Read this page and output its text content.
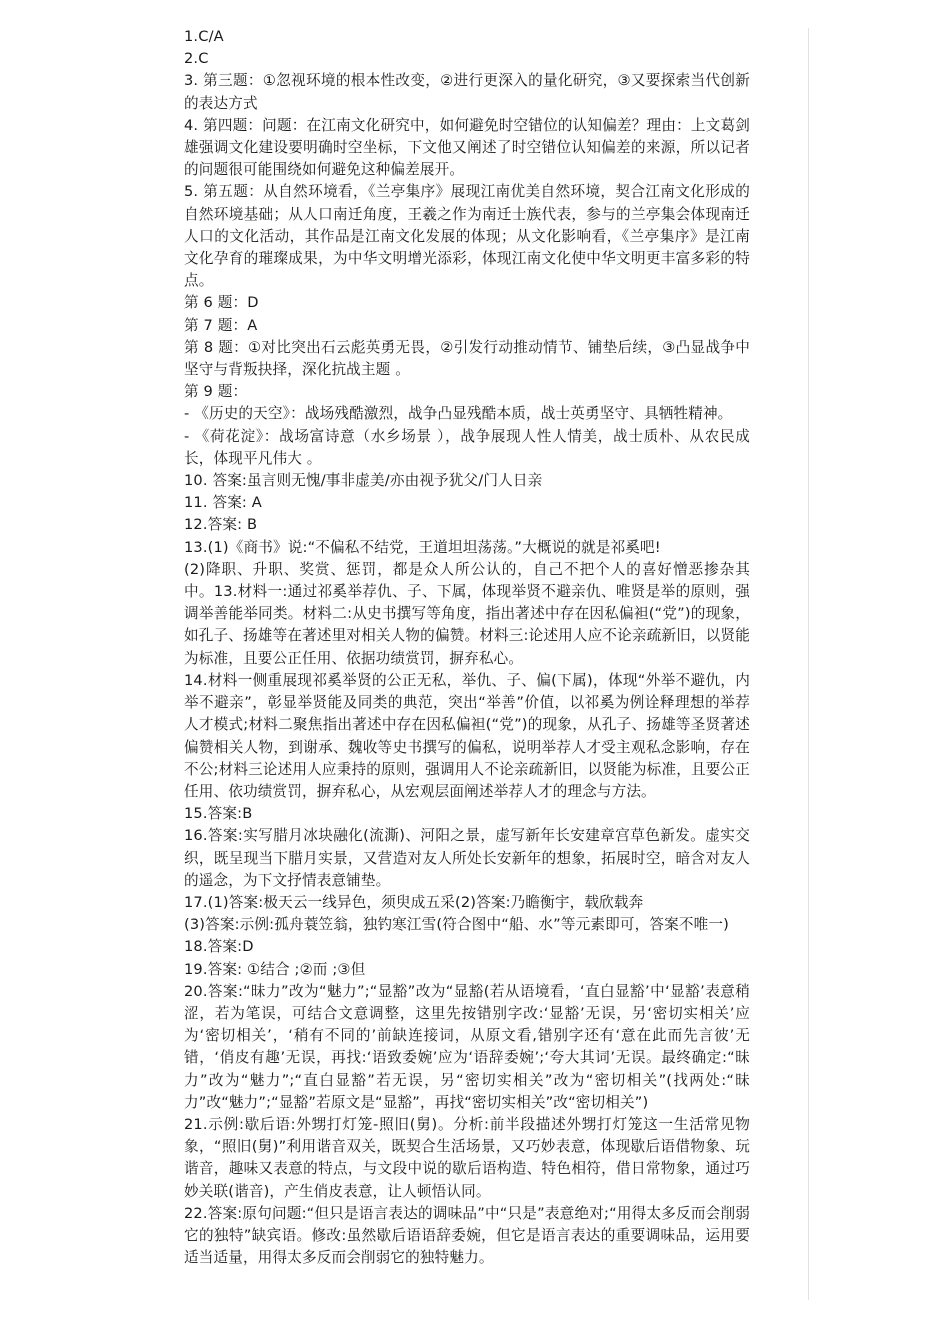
1.C/A

2.C

3. 第三题：①忽视环境的根本性改变，②进行更深入的量化研究，③又要探索当代创新的表达方式

4. 第四题：问题：在江南文化研究中，如何避免时空错位的认知偏差？理由：上文葛剑雄强调文化建设要明确时空坐标，下文他又阐述了时空错位认知偏差的来源，所以记者的问题很可能围绕如何避免这种偏差展开。

5. 第五题：从自然环境看，《兰亭集序》展现江南优美自然环境，契合江南文化形成的自然环境基础；从人口南迁角度，王羲之作为南迁士族代表，参与的兰亭集会体现南迁人口的文化活动，其作品是江南文化发展的体现；从文化影响看，《兰亭集序》是江南文化孕育的璀璨成果，为中华文明增光添彩，体现江南文化使中华文明更丰富多彩的特点。

第 6 题：D

第 7 题：A

第 8 题：①对比突出石云彪英勇无畏，②引发行动推动情节、铺垫后续，③凸显战争中坚守与背叛抉择，深化抗战主题 。

第 9 题：

- 《历史的天空》：战场残酷激烈，战争凸显残酷本质，战士英勇坚守、具牺牲精神。

- 《荷花淀》：战场富诗意（水乡场景 ），战争展现人性人情美，战士质朴、从农民成长，体现平凡伟大 。

10. 答案:虽言则无愧/事非虚美/亦由视予犹父/门人日亲

11. 答案: A

12.答案: B

13.(1)《商书》说:“不偏私不结党，王道坦坦荡荡。”大概说的就是祁奚吧!

(2)降职、升职、奖赏、惩罚，都是众人所公认的，自己不把个人的喜好憎恶掺杂其中。13.材料一:通过祁奚举荐仇、子、下属，体现举贤不避亲仇、唯贤是举的原则，强调举善能举同类。材料二:从史书撰写等角度，指出著述中存在因私偏袒(“党”)的现象，如孔子、扬雄等在著述里对相关人物的偏赞。材料三:论述用人应不论亲疏新旧，以贤能为标准，且要公正任用、依据功绩赏罚，摒弃私心。

14.材料一侧重展现祁奚举贤的公正无私，举仇、子、偏(下属)，体现“外举不避仇，内举不避亲”，彰显举贤能及同类的典范，突出“举善”价值，以祁奚为例诠释理想的举荐人才模式;材料二聚焦指出著述中存在因私偏袒(“党”)的现象，从孔子、扬雄等圣贤著述偏赞相关人物，到谢承、魏收等史书撰写的偏私，说明举荐人才受主观私念影响，存在不公;材料三论述用人应秉持的原则，强调用人不论亲疏新旧，以贤能为标准，且要公正任用、依功绩赏罚，摒弃私心，从宏观层面阐述举荐人才的理念与方法。

15.答案:B

16.答案:实写腊月冰块融化(流澌)、河阳之景，虚写新年长安建章宫草色新发。虚实交织，既呈现当下腊月实景，又营造对友人所处长安新年的想象，拓展时空，暗含对友人的遥念，为下文抒情表意铺垫。

17.(1)答案:极天云一线异色，须臾成五采(2)答案:乃瞻衡宇，载欣载奔

(3)答案:示例:孤舟蓑笠翁，独钓寒江雪(符合图中“船、水”等元素即可，答案不唯一)

18.答案:D

19.答案: ①结合 ;②而 ;③但

20.答案:“昧力”改为“魅力”;“显豁”改为“显豁(若从语境看，‘直白显豁’中‘显豁’表意稍涩，若为笔误，可结合文意调整，这里先按错别字改:‘显豁’无误，另‘密切实相关’应为‘密切相关’，‘稍有不同的’前缺连接词，从原文看,错别字还有‘意在此而先言彼’无错，‘俏皮有趣’无误，再找:‘语致委婉’应为‘语辞委婉’;‘夸大其词’无误。最终确定:“昧力”改为“魅力”;“直白显豁”若无误，另“密切实相关”改为“密切相关”(找两处:“昧力”改“魅力”;“显豁”若原文是“显豁”，再找“密切实相关”改“密切相关”)

21.示例:歇后语:外甥打灯笼-照旧(舅)。分析:前半段描述外甥打灯笼这一生活常见物象，“照旧(舅)”利用谐音双关，既契合生活场景，又巧妙表意，体现歇后语借物象、玩谐音，趣味又表意的特点，与文段中说的歇后语构造、特色相符，借日常物象，通过巧妙关联(谐音)，产生俏皮表意，让人顿悟认同。

22.答案:原句问题:“但只是语言表达的调味品”中“只是”表意绝对;“用得太多反而会削弱它的独特”缺宾语。修改:虽然歇后语语辞委婉，但它是语言表达的重要调味品，运用要适当适量，用得太多反而会削弱它的独特魅力。
